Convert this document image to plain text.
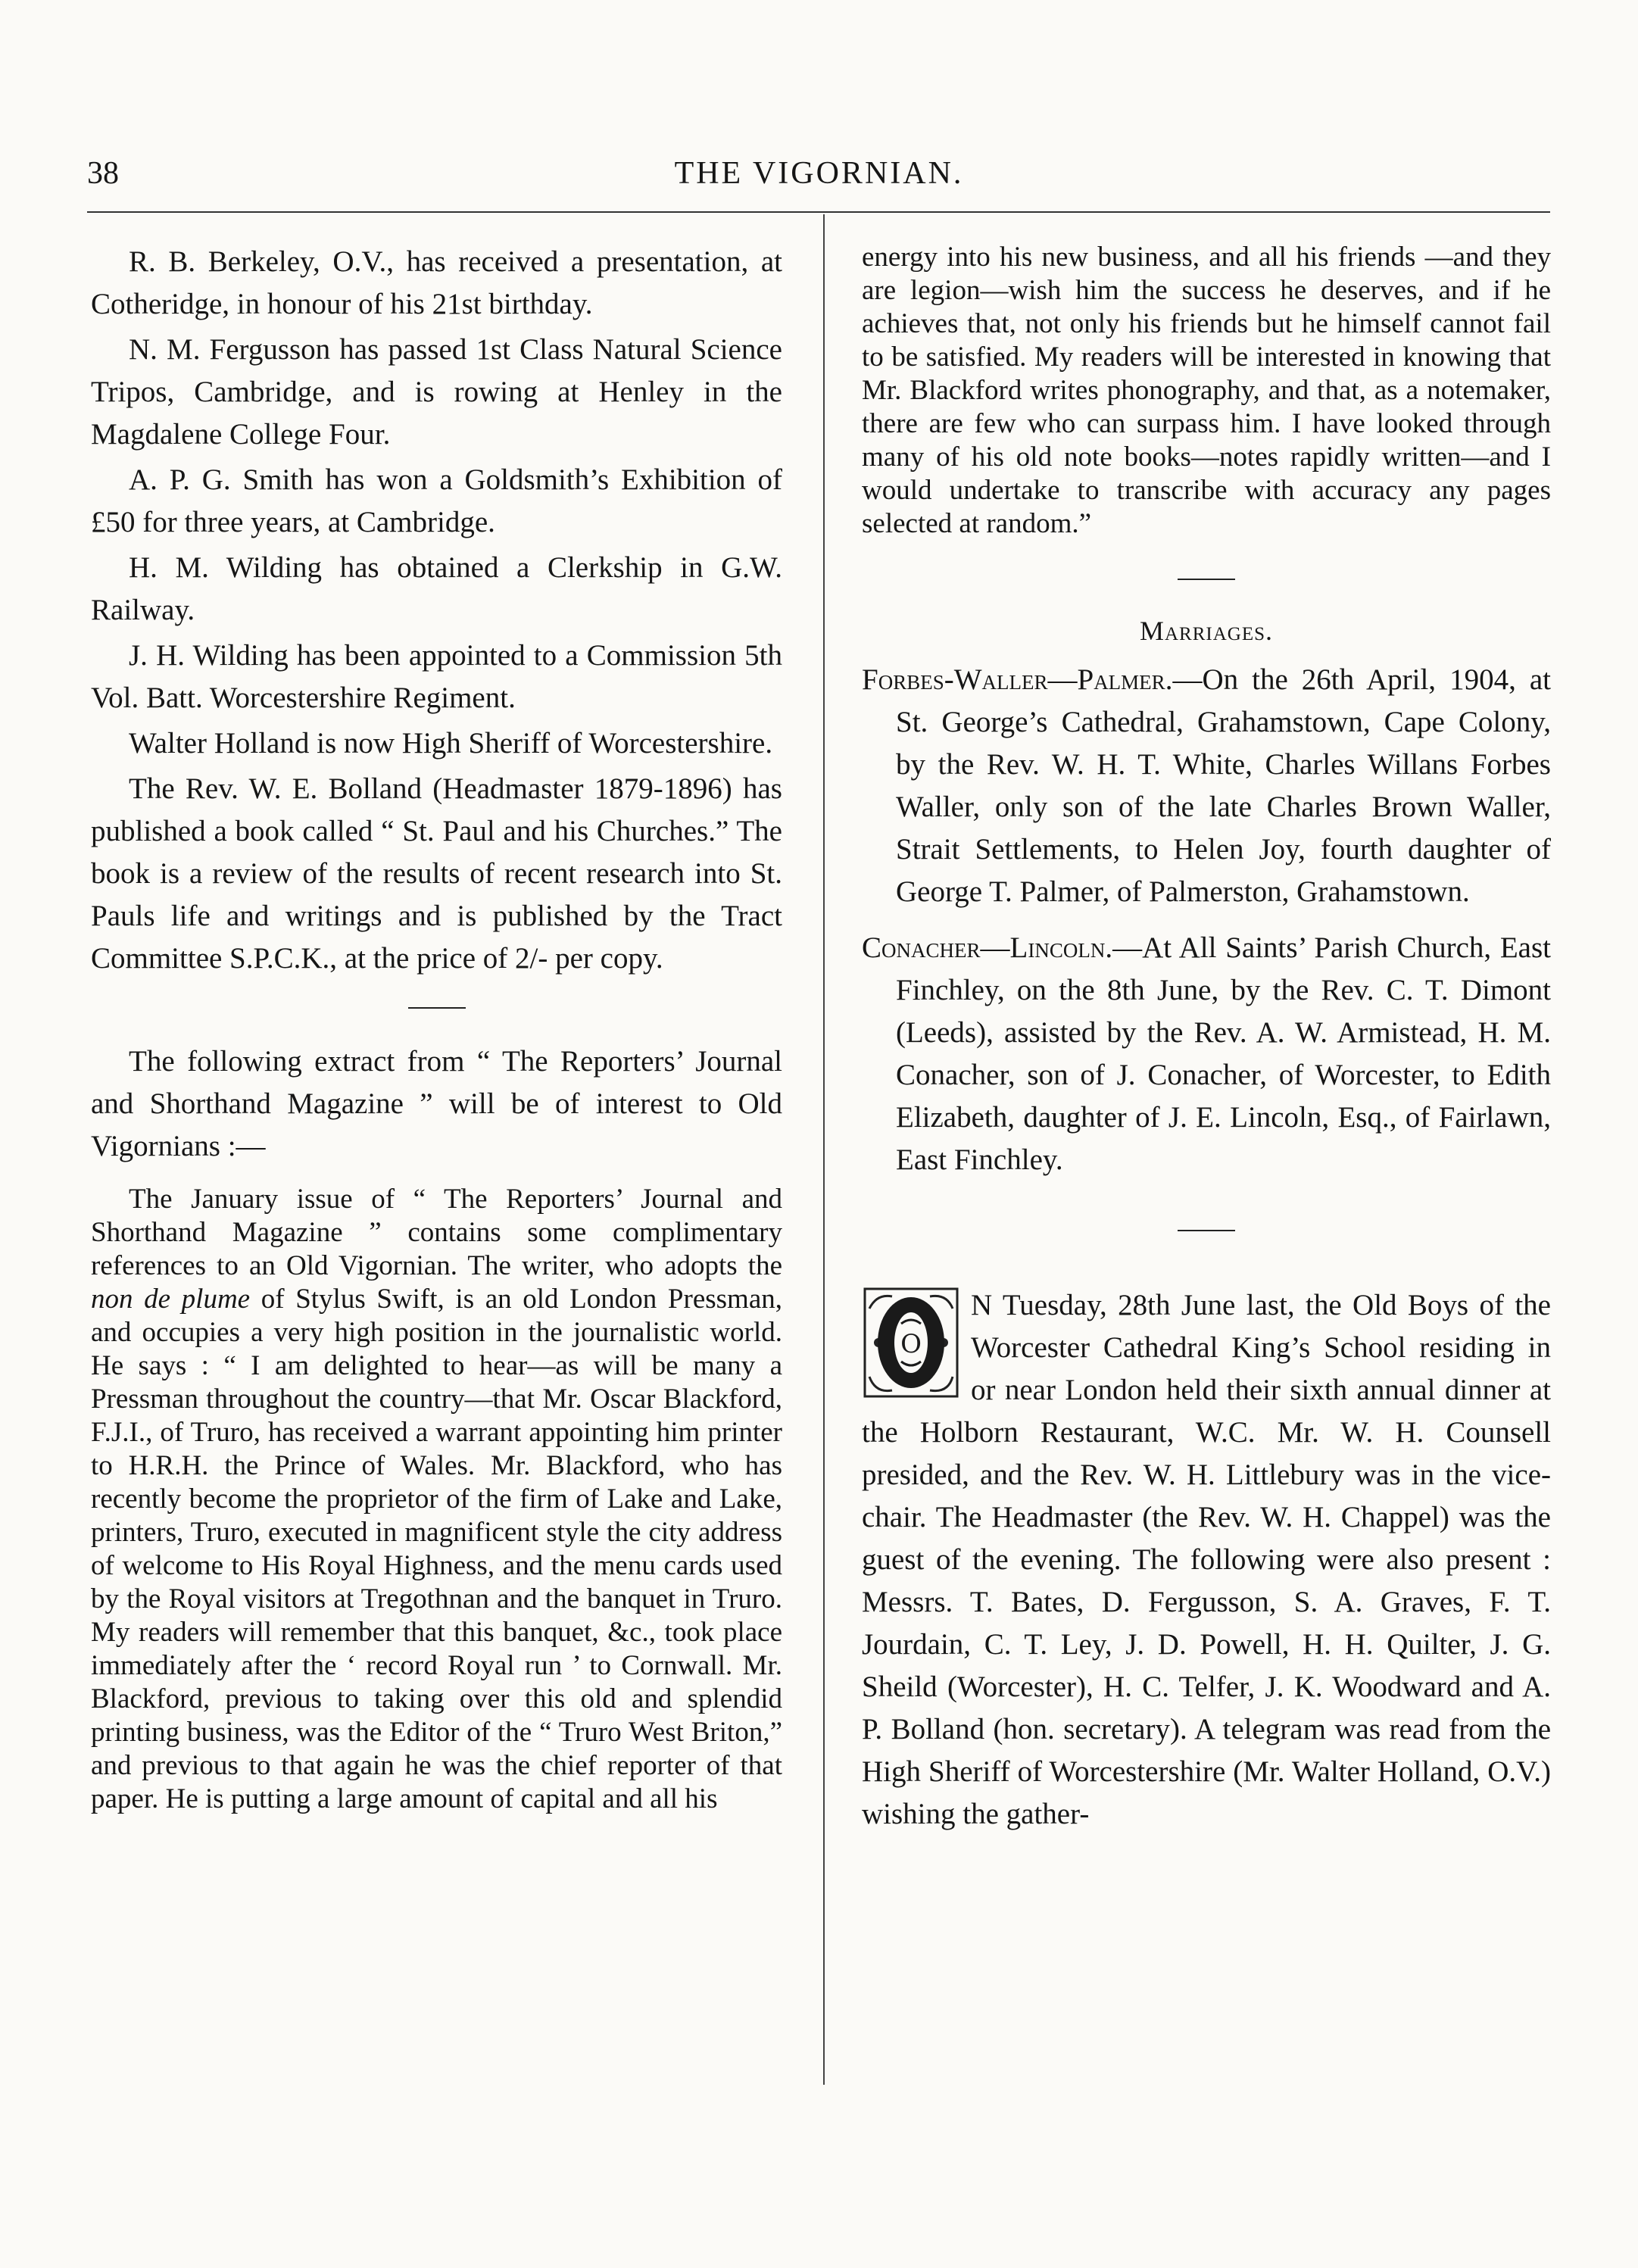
38	THE VIGORNIAN.

R. B. Berkeley, O.V., has received a presentation, at Cotheridge, in honour of his 21st birthday.

N. M. Fergusson has passed 1st Class Natural Science Tripos, Cambridge, and is rowing at Henley in the Magdalene College Four.

A. P. G. Smith has won a Goldsmith’s Exhibition of £50 for three years, at Cambridge.

H. M. Wilding has obtained a Clerkship in G.W. Railway.

J. H. Wilding has been appointed to a Commission 5th Vol. Batt. Worcestershire Regiment.

Walter Holland is now High Sheriff of Worcestershire.

The Rev. W. E. Bolland (Headmaster 1879-1896) has published a book called “ St. Paul and his Churches.” The book is a review of the results of recent research into St. Pauls life and writings and is published by the Tract Committee S.P.C.K., at the price of 2/- per copy.

The following extract from “ The Reporters’ Journal and Shorthand Magazine ” will be of interest to Old Vigornians :—

The January issue of “ The Reporters’ Journal and Shorthand Magazine ” contains some complimentary references to an Old Vigornian. The writer, who adopts the non de plume of Stylus Swift, is an old London Pressman, and occupies a very high position in the journalistic world. He says : “ I am delighted to hear—as will be many a Pressman throughout the country—that Mr. Oscar Blackford, F.J.I., of Truro, has received a warrant appointing him printer to H.R.H. the Prince of Wales. Mr. Blackford, who has recently become the proprietor of the firm of Lake and Lake, printers, Truro, executed in magnificent style the city address of welcome to His Royal Highness, and the menu cards used by the Royal visitors at Tregothnan and the banquet in Truro. My readers will remember that this banquet, &c., took place immediately after the ‘ record Royal run ’ to Cornwall. Mr. Blackford, previous to taking over this old and splendid printing business, was the Editor of the “ Truro West Briton,” and previous to that again he was the chief reporter of that paper. He is putting a large amount of capital and all his

energy into his new business, and all his friends —and they are legion—wish him the success he deserves, and if he achieves that, not only his friends but he himself cannot fail to be satisfied. My readers will be interested in knowing that Mr. Blackford writes phonography, and that, as a notemaker, there are few who can surpass him. I have looked through many of his old note books—notes rapidly written—and I would undertake to transcribe with accuracy any pages selected at random.”

Marriages.

Forbes-Waller—Palmer.—On the 26th April, 1904, at St. George’s Cathedral, Grahamstown, Cape Colony, by the Rev. W. H. T. White, Charles Willans Forbes Waller, only son of the late Charles Brown Waller, Strait Settlements, to Helen Joy, fourth daughter of George T. Palmer, of Palmerston, Grahamstown.

Conacher—Lincoln.—At All Saints’ Parish Church, East Finchley, on the 8th June, by the Rev. C. T. Dimont (Leeds), assisted by the Rev. A. W. Armistead, H. M. Conacher, son of J. Conacher, of Worcester, to Edith Elizabeth, daughter of J. E. Lincoln, Esq., of Fairlawn, East Finchley.

O
N Tuesday, 28th June last, the Old Boys of the Worcester Cathedral King’s School residing in or near London held their sixth annual dinner at the Holborn Restaurant, W.C. Mr. W. H. Counsell presided, and the Rev. W. H. Littlebury was in the vice-chair. The Headmaster (the Rev. W. H. Chappel) was the guest of the evening. The following were also present : Messrs. T. Bates, D. Fergusson, S. A. Graves, F. T. Jourdain, C. T. Ley, J. D. Powell, H. H. Quilter, J. G. Sheild (Worcester), H. C. Telfer, J. K. Woodward and A. P. Bolland (hon. secretary). A telegram was read from the High Sheriff of Worcestershire (Mr. Walter Holland, O.V.) wishing the gather-
